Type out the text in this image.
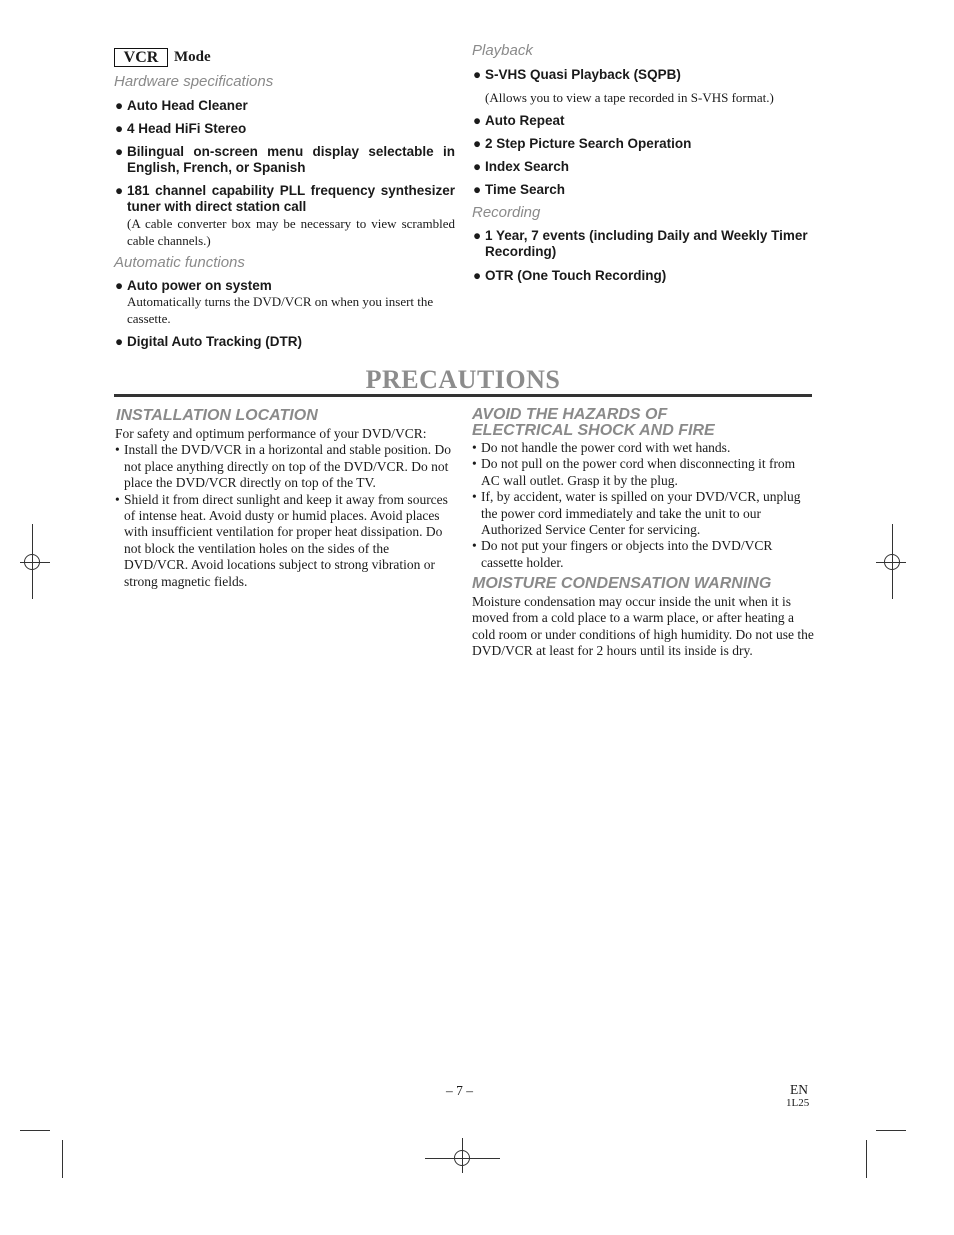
VCR	Mode
Hardware specifications
● Auto Head Cleaner
● 4 Head HiFi Stereo
● Bilingual on-screen menu display selectable in English, French, or Spanish
● 181 channel capability PLL frequency synthesizer tuner with direct station call
(A cable converter box may be necessary to view scrambled cable channels.)
Automatic functions
● Auto power on system
Automatically turns the DVD/VCR on when you insert the cassette.
● Digital Auto Tracking (DTR)
Playback
● S-VHS Quasi Playback (SQPB)
(Allows you to view a tape recorded in S-VHS format.)
● Auto Repeat
● 2 Step Picture Search Operation
● Index Search
● Time Search
Recording
● 1 Year, 7 events (including Daily and Weekly Timer Recording)
● OTR (One Touch Recording)
PRECAUTIONS
INSTALLATION LOCATION
For safety and optimum performance of your DVD/VCR:
• Install the DVD/VCR in a horizontal and stable position. Do not place anything directly on top of the DVD/VCR. Do not place the DVD/VCR directly on top of the TV.
• Shield it from direct sunlight and keep it away from sources of intense heat. Avoid dusty or humid places. Avoid places with insufficient ventilation for proper heat dissipation. Do not block the ventilation holes on the sides of the DVD/VCR. Avoid locations subject to strong vibration or strong magnetic fields.
AVOID THE HAZARDS OF
ELECTRICAL SHOCK AND FIRE
• Do not handle the power cord with wet hands.
• Do not pull on the power cord when disconnecting it from AC wall outlet. Grasp it by the plug.
• If, by accident, water is spilled on your DVD/VCR, unplug the power cord immediately and take the unit to our Authorized Service Center for servicing.
• Do not put your fingers or objects into the DVD/VCR cassette holder.
MOISTURE CONDENSATION WARNING
Moisture condensation may occur inside the unit when it is moved from a cold place to a warm place, or after heating a cold room or under conditions of high humidity. Do not use the DVD/VCR at least for 2 hours until its inside is dry.
– 7 –	EN
1L25
